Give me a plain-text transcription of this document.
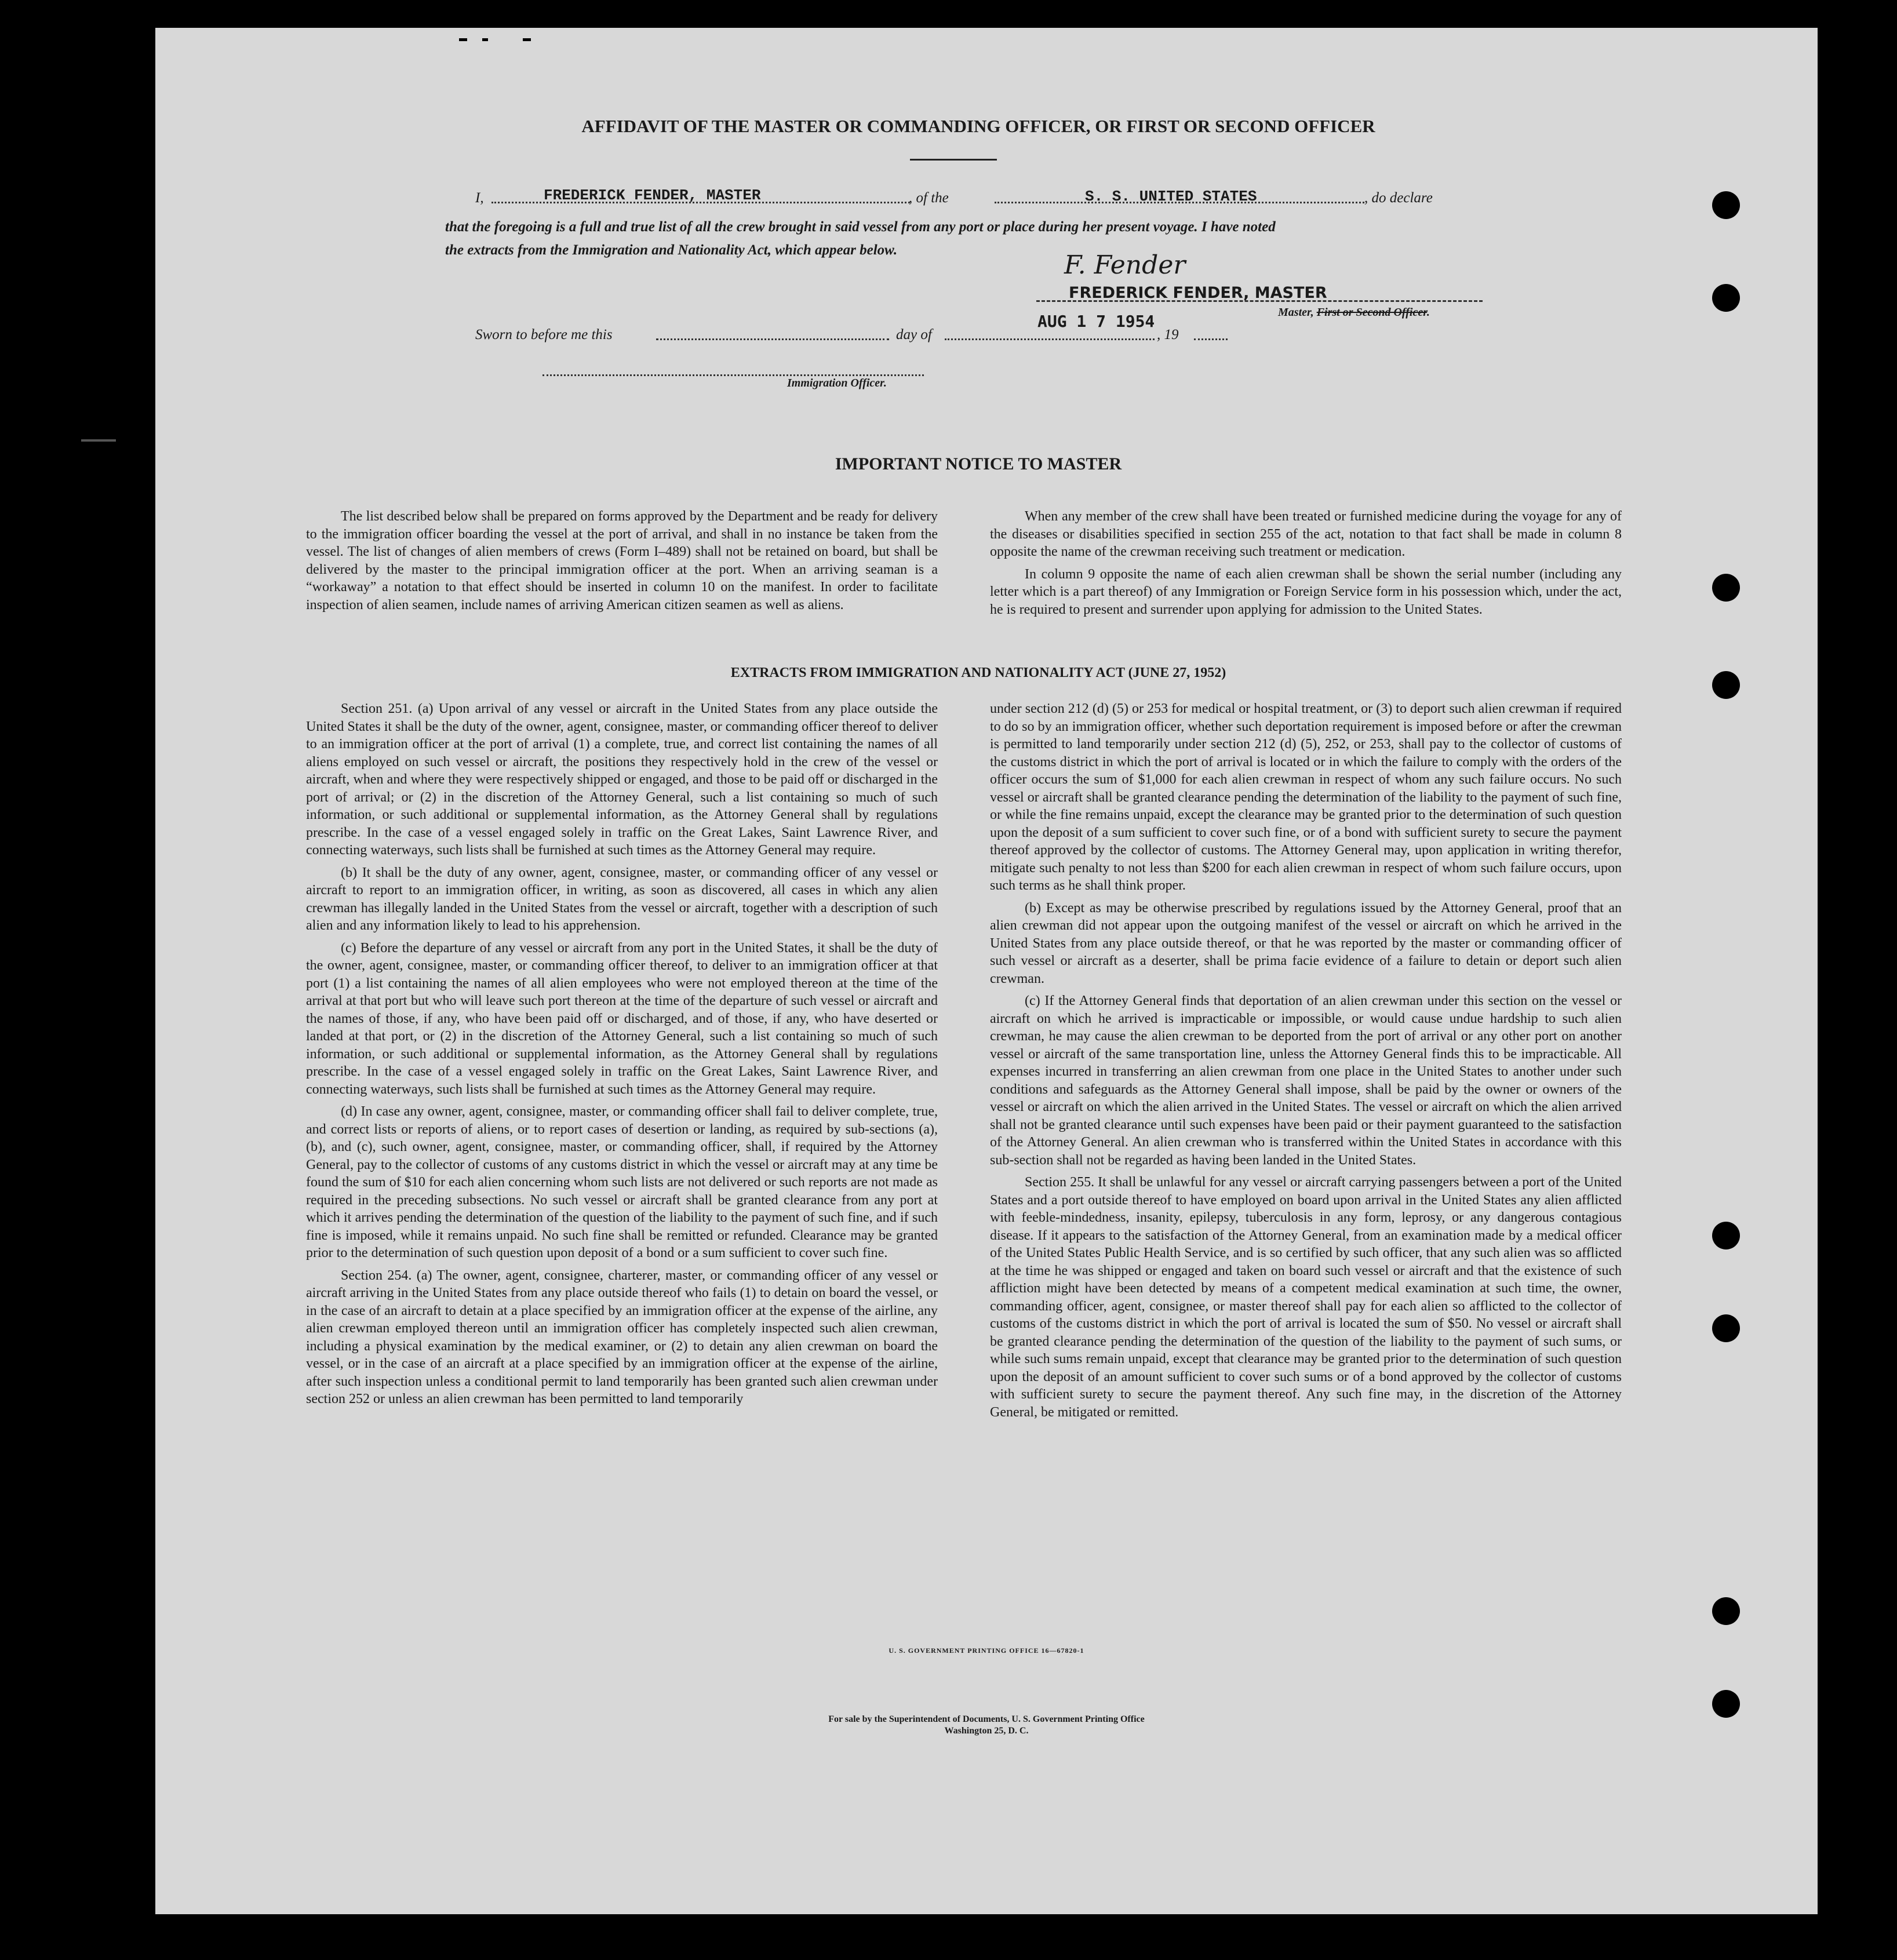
AFFIDAVIT OF THE MASTER OR COMMANDING OFFICER, OR FIRST OR SECOND OFFICER
I,	FREDERICK FENDER, MASTER	, of the	S. S. UNITED STATES	, do declare
that the foregoing is a full and true list of all the crew brought in said vessel from any port or place during her present voyage. I have noted
the extracts from the Immigration and Nationality Act, which appear below.
F. Fender
FREDERICK FENDER, MASTER
Master, First or Second Officer.
Sworn to before me this	day of
AUG 1 7 1954
, 19
Immigration Officer.
IMPORTANT NOTICE TO MASTER

The list described below shall be prepared on forms approved by the Department and be ready for delivery to the immigration officer boarding the vessel at the port of arrival, and shall in no instance be taken from the vessel. The list of changes of alien members of crews (Form I–489) shall not be retained on board, but shall be delivered by the master to the principal immigration officer at the port. When an arriving seaman is a “workaway” a notation to that effect should be inserted in column 10 on the manifest. In order to facilitate inspection of alien seamen, include names of arriving American citizen seamen as well as aliens.

When any member of the crew shall have been treated or furnished medicine during the voyage for any of the diseases or disabilities specified in section 255 of the act, notation to that fact shall be made in column 8 opposite the name of the crewman receiving such treatment or medication.

In column 9 opposite the name of each alien crewman shall be shown the serial number (including any letter which is a part thereof) of any Immigration or Foreign Service form in his possession which, under the act, he is required to present and surrender upon applying for admission to the United States.

EXTRACTS FROM IMMIGRATION AND NATIONALITY ACT (JUNE 27, 1952)

Section 251. (a) Upon arrival of any vessel or aircraft in the United States from any place outside the United States it shall be the duty of the owner, agent, consignee, master, or commanding officer thereof to deliver to an immigration officer at the port of arrival (1) a complete, true, and correct list containing the names of all aliens employed on such vessel or aircraft, the positions they respectively hold in the crew of the vessel or aircraft, when and where they were respectively shipped or engaged, and those to be paid off or discharged in the port of arrival; or (2) in the discretion of the Attorney General, such a list containing so much of such information, or such additional or supplemental information, as the Attorney General shall by regulations prescribe. In the case of a vessel engaged solely in traffic on the Great Lakes, Saint Lawrence River, and connecting waterways, such lists shall be furnished at such times as the Attorney General may require.

(b) It shall be the duty of any owner, agent, consignee, master, or commanding officer of any vessel or aircraft to report to an immigration officer, in writing, as soon as discovered, all cases in which any alien crewman has illegally landed in the United States from the vessel or aircraft, together with a description of such alien and any information likely to lead to his apprehension.

(c) Before the departure of any vessel or aircraft from any port in the United States, it shall be the duty of the owner, agent, consignee, master, or commanding officer thereof, to deliver to an immigration officer at that port (1) a list containing the names of all alien employees who were not employed thereon at the time of the arrival at that port but who will leave such port thereon at the time of the departure of such vessel or aircraft and the names of those, if any, who have been paid off or discharged, and of those, if any, who have deserted or landed at that port, or (2) in the discretion of the Attorney General, such a list containing so much of such information, or such additional or supplemental information, as the Attorney General shall by regulations prescribe. In the case of a vessel engaged solely in traffic on the Great Lakes, Saint Lawrence River, and connecting waterways, such lists shall be furnished at such times as the Attorney General may require.

(d) In case any owner, agent, consignee, master, or commanding officer shall fail to deliver complete, true, and correct lists or reports of aliens, or to report cases of desertion or landing, as required by sub-sections (a), (b), and (c), such owner, agent, consignee, master, or commanding officer, shall, if required by the Attorney General, pay to the collector of customs of any customs district in which the vessel or aircraft may at any time be found the sum of $10 for each alien concerning whom such lists are not delivered or such reports are not made as required in the preceding subsections. No such vessel or aircraft shall be granted clearance from any port at which it arrives pending the determination of the question of the liability to the payment of such fine, and if such fine is imposed, while it remains unpaid. No such fine shall be remitted or refunded. Clearance may be granted prior to the determination of such question upon deposit of a bond or a sum sufficient to cover such fine.

Section 254. (a) The owner, agent, consignee, charterer, master, or commanding officer of any vessel or aircraft arriving in the United States from any place outside thereof who fails (1) to detain on board the vessel, or in the case of an aircraft to detain at a place specified by an immigration officer at the expense of the airline, any alien crewman employed thereon until an immigration officer has completely inspected such alien crewman, including a physical examination by the medical examiner, or (2) to detain any alien crewman on board the vessel, or in the case of an aircraft at a place specified by an immigration officer at the expense of the airline, after such inspection unless a conditional permit to land temporarily has been granted such alien crewman under section 252 or unless an alien crewman has been permitted to land temporarily

under section 212 (d) (5) or 253 for medical or hospital treatment, or (3) to deport such alien crewman if required to do so by an immigration officer, whether such deportation requirement is imposed before or after the crewman is permitted to land temporarily under section 212 (d) (5), 252, or 253, shall pay to the collector of customs of the customs district in which the port of arrival is located or in which the failure to comply with the orders of the officer occurs the sum of $1,000 for each alien crewman in respect of whom any such failure occurs. No such vessel or aircraft shall be granted clearance pending the determination of the liability to the payment of such fine, or while the fine remains unpaid, except the clearance may be granted prior to the determination of such question upon the deposit of a sum sufficient to cover such fine, or of a bond with sufficient surety to secure the payment thereof approved by the collector of customs. The Attorney General may, upon application in writing therefor, mitigate such penalty to not less than $200 for each alien crewman in respect of whom such failure occurs, upon such terms as he shall think proper.

(b) Except as may be otherwise prescribed by regulations issued by the Attorney General, proof that an alien crewman did not appear upon the outgoing manifest of the vessel or aircraft on which he arrived in the United States from any place outside thereof, or that he was reported by the master or commanding officer of such vessel or aircraft as a deserter, shall be prima facie evidence of a failure to detain or deport such alien crewman.

(c) If the Attorney General finds that deportation of an alien crewman under this section on the vessel or aircraft on which he arrived is impracticable or impossible, or would cause undue hardship to such alien crewman, he may cause the alien crewman to be deported from the port of arrival or any other port on another vessel or aircraft of the same transportation line, unless the Attorney General finds this to be impracticable. All expenses incurred in transferring an alien crewman from one place in the United States to another under such conditions and safeguards as the Attorney General shall impose, shall be paid by the owner or owners of the vessel or aircraft on which the alien arrived in the United States. The vessel or aircraft on which the alien arrived shall not be granted clearance until such expenses have been paid or their payment guaranteed to the satisfaction of the Attorney General. An alien crewman who is transferred within the United States in accordance with this sub-section shall not be regarded as having been landed in the United States.

Section 255. It shall be unlawful for any vessel or aircraft carrying passengers between a port of the United States and a port outside thereof to have employed on board upon arrival in the United States any alien afflicted with feeble-mindedness, insanity, epilepsy, tuberculosis in any form, leprosy, or any dangerous contagious disease. If it appears to the satisfaction of the Attorney General, from an examination made by a medical officer of the United States Public Health Service, and is so certified by such officer, that any such alien was so afflicted at the time he was shipped or engaged and taken on board such vessel or aircraft and that the existence of such affliction might have been detected by means of a competent medical examination at such time, the owner, commanding officer, agent, consignee, or master thereof shall pay for each alien so afflicted to the collector of customs of the customs district in which the port of arrival is located the sum of $50. No vessel or aircraft shall be granted clearance pending the determination of the question of the liability to the payment of such sums, or while such sums remain unpaid, except that clearance may be granted prior to the determination of such question upon the deposit of an amount sufficient to cover such sums or of a bond approved by the collector of customs with sufficient surety to secure the payment thereof. Any such fine may, in the discretion of the Attorney General, be mitigated or remitted.

U. S. GOVERNMENT PRINTING OFFICE 16—67820-1
For sale by the Superintendent of Documents, U. S. Government Printing Office
Washington 25, D. C.
